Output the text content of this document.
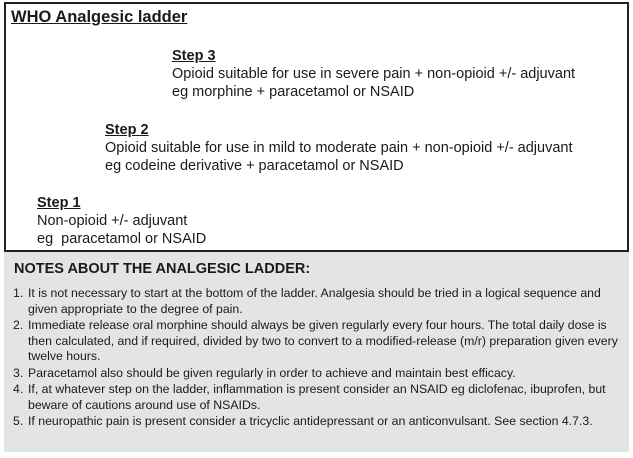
WHO Analgesic ladder
Step 3
Opioid suitable for use in severe pain + non-opioid +/- adjuvant
eg morphine + paracetamol or NSAID
Step 2
Opioid suitable for use in mild to moderate pain + non-opioid +/- adjuvant
eg codeine derivative + paracetamol or NSAID
Step 1
Non-opioid +/- adjuvant
eg  paracetamol or NSAID
NOTES ABOUT THE ANALGESIC LADDER:
1. It is not necessary to start at the bottom of the ladder. Analgesia should be tried in a logical sequence and given appropriate to the degree of pain.
2. Immediate release oral morphine should always be given regularly every four hours. The total daily dose is then calculated, and if required, divided by two to convert to a modified-release (m/r) preparation given every twelve hours.
3. Paracetamol also should be given regularly in order to achieve and maintain best efficacy.
4. If, at whatever step on the ladder, inflammation is present consider an NSAID eg diclofenac, ibuprofen, but beware of cautions around use of NSAIDs.
5. If neuropathic pain is present consider a tricyclic antidepressant or an anticonvulsant. See section 4.7.3.
